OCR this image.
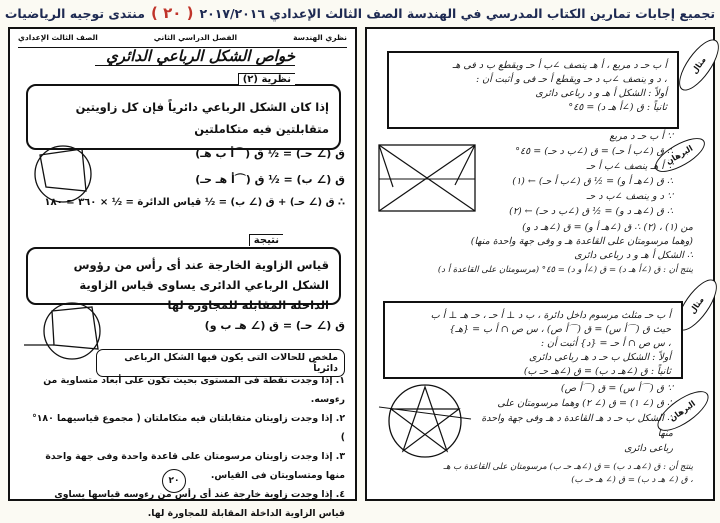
تجميع إجابات تمارين الكتاب المدرسي في الهندسة الصف الثالث الإعدادي ٢٠١٧/٢٠١٦
( ٢٠ )
منتدى توجيه الرياضيات
نظري الهندسة
الفصل الدراسي الثاني
الصف الثالث الإعدادي
خواص الشكل الرباعي الدائري
إذا كان الشكل الرباعي دائرياً فإن كل زاويتين متقابلتين فيه متكاملتين
نظرية (٢)
ق (∠ حـ) = ½ ق (⌒أ ب هـ)
ق (∠ ب) = ½ ق (⌒أ هـ حـ)
∴ ق (∠ حـ) + ق (∠ ب) = ½ قياس الدائرة = ½ × ٣٦٠ = ١٨٠
قياس الزاوية الخارجة عند أى رأس من رؤوس الشكل الرباعي الدائرى يساوى قياس الزاوية الداخلة المقابلة للمجاورة لها
نتيجة
ق (∠ حـ) = ق (∠ هـ ب و)
ملخص للحالات التى يكون فيها الشكل الرباعى دائرياً
١. إذا وجدت نقطة فى المستوى بحيث تكون على أبعاد متساوية من رءوسه.
٢. إذا وجدت زاويتان متقابلتان فيه متكاملتان ( مجموع قياسيهما ١٨٠° )
٣. إذا وجدت زاويتان مرسومتان على قاعدة واحدة وفى جهة واحدة منها ومتساويتان فى القياس.
٤. إذا وجدت زاوية خارجة عند أى رأس من رءوسه قياسها يساوى قياس الزاوية الداخلة المقابلة للمجاورة لها.
٢٠
مثال
أ ب حـ د مربع ، أ هـ ينصف ∠ب أ حـ ويقطع ب د فى هـ
، د و ينصف ∠ب د حـ ويقطع أ حـ فى و أثبت أن :
أولاً : الشكل أ هـ و د رباعى دائرى
ثانياً : ق (∠أ هـ د) = ٤٥°
البرهان
∵ أ ب حـ د مربع
∴ ق (∠ب أ حـ) = ق (∠ب د حـ) = ٤٥°
∵ أ هـ ينصف ∠ب أ حـ
∴ ق (∠هـ أ و) = ½ ق (∠ب أ حـ) ← (١)
∵ د و ينصف ∠ب د حـ
∴ ق (∠هـ د و) = ½ ق (∠ب د حـ) ← (٢)
من (١) ، (٢) ∴ ق (∠هـ أ و) = ق (∠هـ د و)
(وهما مرسومتان على القاعدة هـ و وفى جهة واحدة منها)
∴ الشكل أ هـ و د رباعى دائرى
ينتج أن : ق (∠أ هـ د) = ق (∠أ و د) = ٤٥° (مرسومتان على القاعدة أ د)
مثال
أ ب حـ مثلث مرسوم داخل دائرة ، ب د ⊥ أ حـ ، حـ هـ ⊥ أ ب
حيث ق (⌒أ س) = ق (⌒أ ص) ، س ص ∩ أ ب = {هـ}
، س ص ∩ أ حـ = {د} أثبت أن :
أولاً : الشكل ب حـ د هـ رباعى دائرى
ثانياً : ق (∠هـ د ب) = ق (∠هـ حـ ب)
البرهان
∵ ق (⌒أ س) = ق (⌒أ ص)
∴ ق (∠ ١) = ق (∠ ٢) وهما مرسومتان على
∴ الشكل ب حـ د هـ القاعدة د هـ وفى جهة واحدة منها
رباعى دائرى
ينتج أن : ق (∠هـ د ب) = ق (∠هـ حـ ب) مرسومتان على القاعدة ب هـ
، ق (∠ هـ د ب) = ق (∠ هـ حـ ب)
